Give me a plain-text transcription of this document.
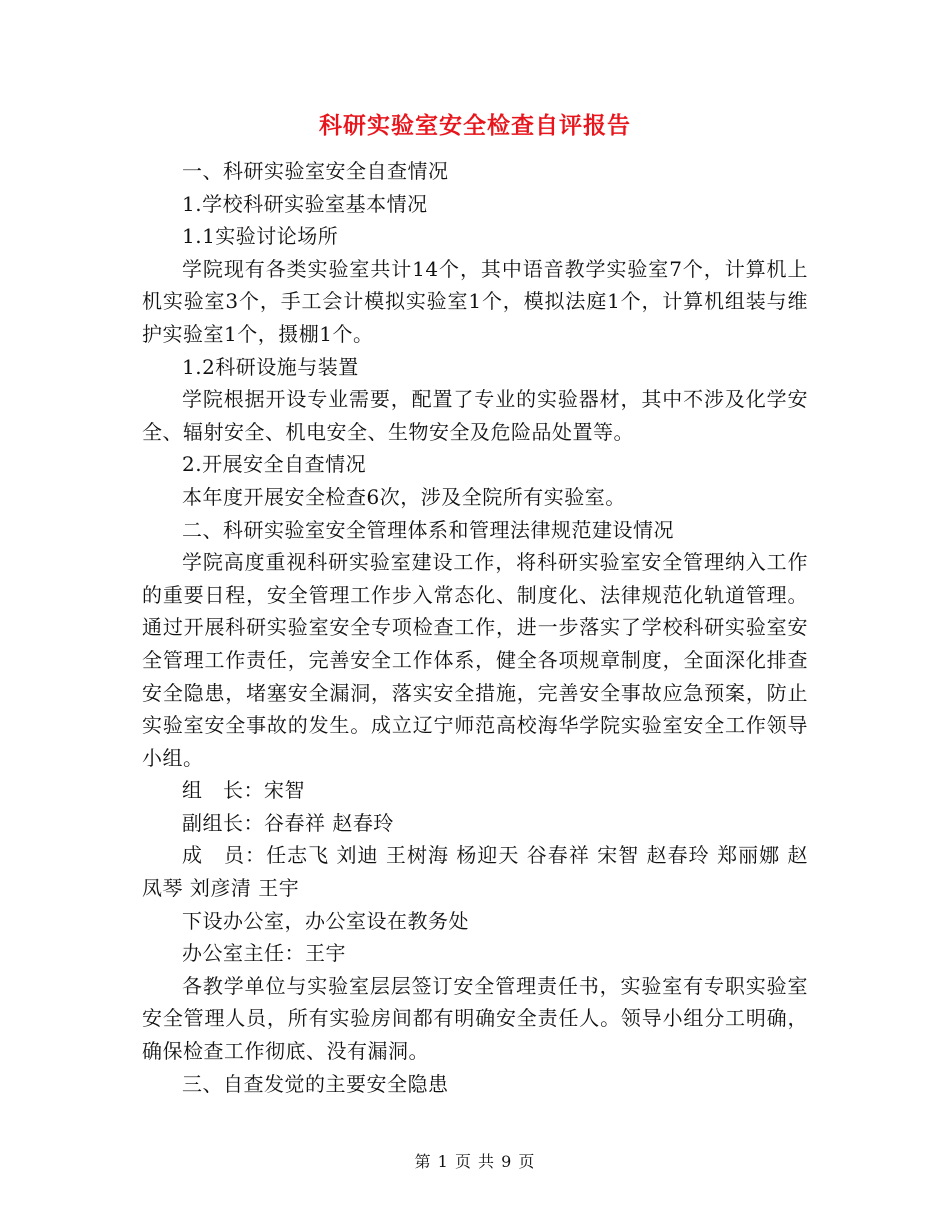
科研实验室安全检查自评报告

一、科研实验室安全自查情况

1.学校科研实验室基本情况

1.1实验讨论场所

学院现有各类实验室共计14个，其中语音教学实验室7个，计算机上机实验室3个，手工会计模拟实验室1个，模拟法庭1个，计算机组装与维护实验室1个，摄棚1个。

1.2科研设施与装置

学院根据开设专业需要，配置了专业的实验器材，其中不涉及化学安全、辐射安全、机电安全、生物安全及危险品处置等。

2.开展安全自查情况

本年度开展安全检查6次，涉及全院所有实验室。

二、科研实验室安全管理体系和管理法律规范建设情况

学院高度重视科研实验室建设工作，将科研实验室安全管理纳入工作的重要日程，安全管理工作步入常态化、制度化、法律规范化轨道管理。通过开展科研实验室安全专项检查工作，进一步落实了学校科研实验室安全管理工作责任，完善安全工作体系，健全各项规章制度，全面深化排查安全隐患，堵塞安全漏洞，落实安全措施，完善安全事故应急预案，防止实验室安全事故的发生。成立辽宁师范高校海华学院实验室安全工作领导小组。

组　长：宋智

副组长：谷春祥 赵春玲

成　员：任志飞 刘迪 王树海 杨迎天 谷春祥 宋智 赵春玲 郑丽娜 赵凤琴 刘彦清 王宇

下设办公室，办公室设在教务处

办公室主任：王宇

各教学单位与实验室层层签订安全管理责任书，实验室有专职实验室安全管理人员，所有实验房间都有明确安全责任人。领导小组分工明确，确保检查工作彻底、没有漏洞。

三、自查发觉的主要安全隐患

第 1 页 共 9 页
